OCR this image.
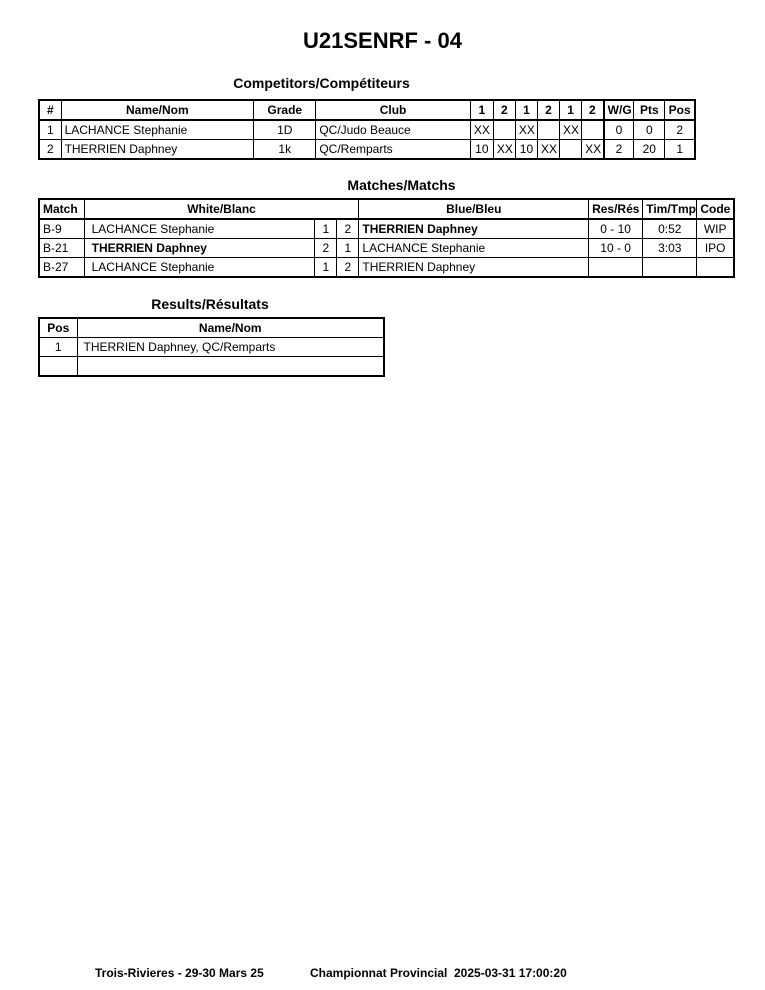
U21SENRF - 04
Competitors/Compétiteurs
#	Name/Nom	Grade	Club	1	2	1	2	1	2	W/G	Pts	Pos
1	LACHANCE Stephanie	1D	QC/Judo Beauce	XX		XX		XX		0	0	2
2	THERRIEN Daphney	1k	QC/Remparts	10	XX	10	XX		XX	2	20	1
Matches/Matchs
Match	White/Blanc			Blue/Bleu	Res/Rés	Tim/Tmp	Code
B-9	LACHANCE Stephanie	1	2	THERRIEN Daphney	0 - 10	0:52	WIP
B-21	THERRIEN Daphney	2	1	LACHANCE Stephanie	10 - 0	3:03	IPO
B-27	LACHANCE Stephanie	1	2	THERRIEN Daphney			
Results/Résultats
Pos	Name/Nom
1	THERRIEN Daphney, QC/Remparts

Trois-Rivieres - 29-30 Mars 25	Championnat Provincial 2025-03-31 17:00:20
